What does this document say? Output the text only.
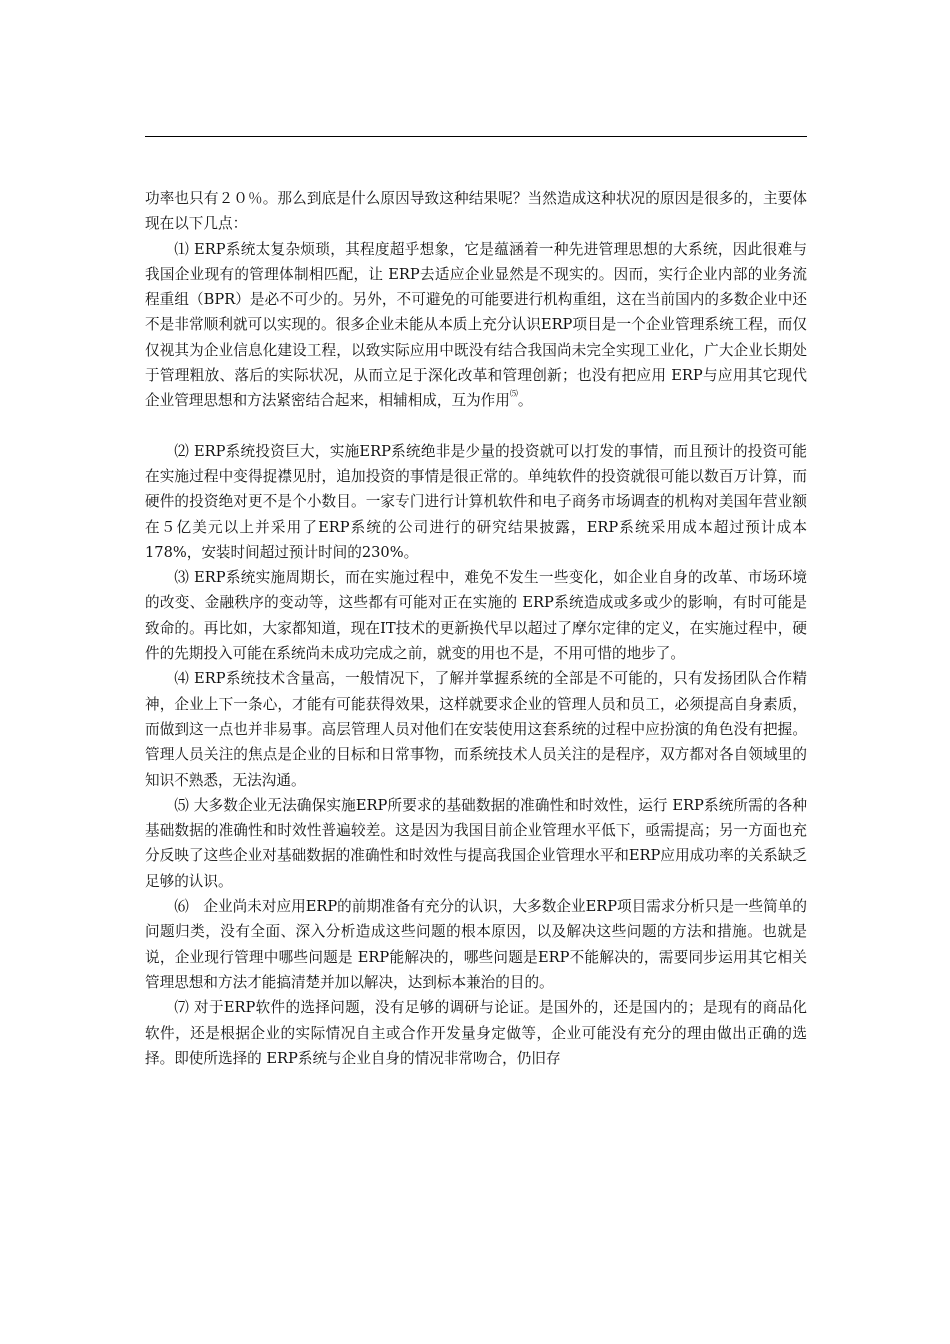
功率也只有２０％。那么到底是什么原因导致这种结果呢？当然造成这种状况的原因是很多的，主要体现在以下几点：

⑴ ERP系统太复杂烦琐，其程度超乎想象，它是蕴涵着一种先进管理思想的大系统，因此很难与我国企业现有的管理体制相匹配，让 ERP去适应企业显然是不现实的。因而，实行企业内部的业务流程重组（BPR）是必不可少的。另外，不可避免的可能要进行机构重组，这在当前国内的多数企业中还不是非常顺利就可以实现的。很多企业未能从本质上充分认识ERP项目是一个企业管理系统工程，而仅仅视其为企业信息化建设工程，以致实际应用中既没有结合我国尚未完全实现工业化，广大企业长期处于管理粗放、落后的实际状况，从而立足于深化改革和管理创新；也没有把应用 ERP与应用其它现代企业管理思想和方法紧密结合起来，相辅相成，互为作用⑸。

⑵ ERP系统投资巨大，实施ERP系统绝非是少量的投资就可以打发的事情，而且预计的投资可能在实施过程中变得捉襟见肘，追加投资的事情是很正常的。单纯软件的投资就很可能以数百万计算，而硬件的投资绝对更不是个小数目。一家专门进行计算机软件和电子商务市场调查的机构对美国年营业额在５亿美元以上并采用了ERP系统的公司进行的研究结果披露，ERP系统采用成本超过预计成本178%，安装时间超过预计时间的230%。

⑶ ERP系统实施周期长，而在实施过程中，难免不发生一些变化，如企业自身的改革、市场环境的改变、金融秩序的变动等，这些都有可能对正在实施的 ERP系统造成或多或少的影响，有时可能是致命的。再比如，大家都知道，现在IT技术的更新换代早以超过了摩尔定律的定义，在实施过程中，硬件的先期投入可能在系统尚未成功完成之前，就变的用也不是，不用可惜的地步了。

⑷ ERP系统技术含量高，一般情况下，了解并掌握系统的全部是不可能的，只有发扬团队合作精神，企业上下一条心，才能有可能获得效果，这样就要求企业的管理人员和员工，必须提高自身素质，而做到这一点也并非易事。高层管理人员对他们在安装使用这套系统的过程中应扮演的角色没有把握。管理人员关注的焦点是企业的目标和日常事物，而系统技术人员关注的是程序，双方都对各自领域里的知识不熟悉，无法沟通。

⑸ 大多数企业无法确保实施ERP所要求的基础数据的准确性和时效性，运行 ERP系统所需的各种基础数据的准确性和时效性普遍较差。这是因为我国目前企业管理水平低下，亟需提高；另一方面也充分反映了这些企业对基础数据的准确性和时效性与提高我国企业管理水平和ERP应用成功率的关系缺乏足够的认识。

⑹　企业尚未对应用ERP的前期准备有充分的认识，大多数企业ERP项目需求分析只是一些简单的问题归类，没有全面、深入分析造成这些问题的根本原因，以及解决这些问题的方法和措施。也就是说，企业现行管理中哪些问题是 ERP能解决的，哪些问题是ERP不能解决的，需要同步运用其它相关管理思想和方法才能搞清楚并加以解决，达到标本兼治的目的。

⑺ 对于ERP软件的选择问题，没有足够的调研与论证。是国外的，还是国内的；是现有的商品化软件，还是根据企业的实际情况自主或合作开发量身定做等，企业可能没有充分的理由做出正确的选择。即使所选择的 ERP系统与企业自身的情况非常吻合，仍旧存
